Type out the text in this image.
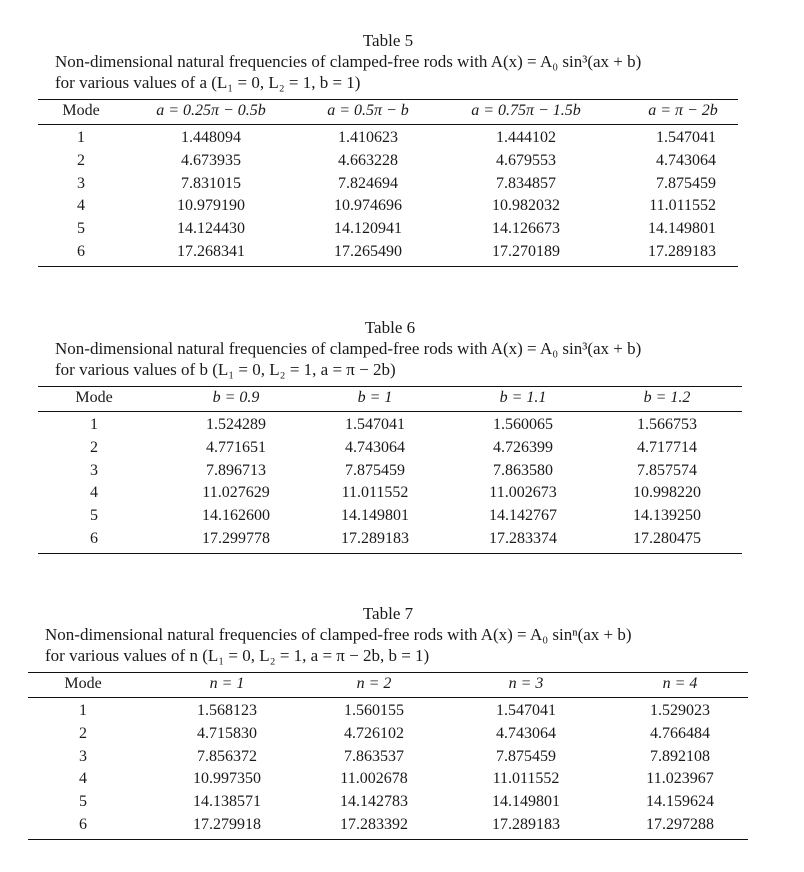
Table 5
Non-dimensional natural frequencies of clamped-free rods with A(x) = A₀ sin³(ax + b)
for various values of a (L₁ = 0, L₂ = 1, b = 1)
Mode	a = 0.25π − 0.5b	a = 0.5π − b	a = 0.75π − 1.5b	a = π − 2b
1	1.448094	1.410623	1.444102	1.547041
2	4.673935	4.663228	4.679553	4.743064
3	7.831015	7.824694	7.834857	7.875459
4	10.979190	10.974696	10.982032	11.011552
5	14.124430	14.120941	14.126673	14.149801
6	17.268341	17.265490	17.270189	17.289183
Table 6
Non-dimensional natural frequencies of clamped-free rods with A(x) = A₀ sin³(ax + b)
for various values of b (L₁ = 0, L₂ = 1, a = π − 2b)
Mode	b = 0.9	b = 1	b = 1.1	b = 1.2
1	1.524289	1.547041	1.560065	1.566753
2	4.771651	4.743064	4.726399	4.717714
3	7.896713	7.875459	7.863580	7.857574
4	11.027629	11.011552	11.002673	10.998220
5	14.162600	14.149801	14.142767	14.139250
6	17.299778	17.289183	17.283374	17.280475
Table 7
Non-dimensional natural frequencies of clamped-free rods with A(x) = A₀ sinⁿ(ax + b)
for various values of n (L₁ = 0, L₂ = 1, a = π − 2b, b = 1)
Mode	n = 1	n = 2	n = 3	n = 4
1	1.568123	1.560155	1.547041	1.529023
2	4.715830	4.726102	4.743064	4.766484
3	7.856372	7.863537	7.875459	7.892108
4	10.997350	11.002678	11.011552	11.023967
5	14.138571	14.142783	14.149801	14.159624
6	17.279918	17.283392	17.289183	17.297288
